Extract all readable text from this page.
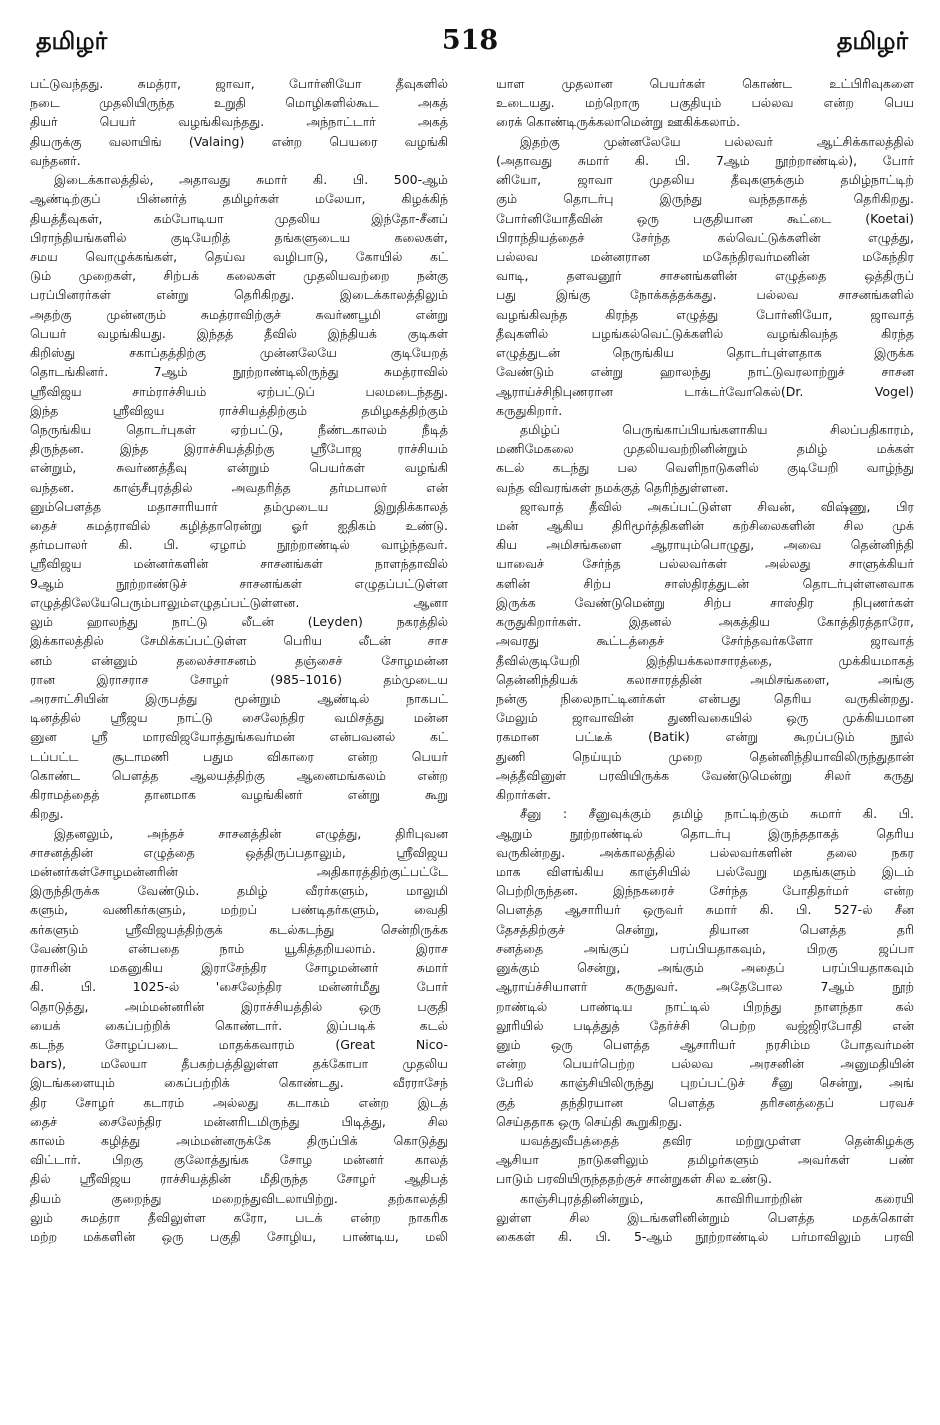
தமிழர்	518	தமிழர்
பட்டுவந்தது. சுமத்ரா, ஜாவா, போர்னியோ தீவுகளில்
நடை முதலியிருந்த உறுதி மொழிகளில்கூட அகத்
தியர் பெயர் வழங்கிவந்தது. அந்நாட்டார் அகத்
தியருக்கு வலாயிங் (Valaing) என்ற பெயரை வழங்கி
வந்தனர்.
இடைக்காலத்தில், அதாவது சுமார் கி. பி. 500-ஆம்
ஆண்டிற்குப் பின்னர்த் தமிழர்கள் மலேயா, கிழக்கிந்
தியத்தீவுகள், கம்போடியா முதலிய இந்தோ-சீனப்
பிராந்தியங்களில் குடியேறித் தங்களுடைய கலைகள்,
சமய வொழுக்கங்கள், தெய்வ வழிபாடு, கோயில் கட்
டும் முறைகள், சிற்பக் கலைகள் முதலியவற்றை நன்கு
பரப்பினரர்கள் என்று தெரிகிறது. இடைக்காலத்திலும்
அதற்கு முன்னரும் சுமத்ராவிற்குச் சுவர்ணபூமி என்று
பெயர் வழங்கியது. இந்தத் தீவில் இந்தியக் குடிகள்
கிறிஸ்து சகாப்தத்திற்கு முன்னலேயே குடியேறத்
தொடங்கினர். 7ஆம் நூற்றாண்டிலிருந்து சுமத்ராவில்
ஸ்ரீவிஜய சாம்ராச்சியம் ஏற்பட்டுப் பலமடைந்தது.
இந்த ஸ்ரீவிஜய ராச்சியத்திற்கும் தமிழகத்திற்கும்
நெருங்கிய தொடர்புகள் ஏற்பட்டு, நீண்டகாலம் நீடித்
திருந்தன. இந்த இராச்சியத்திற்கு ஸ்ரீபோஜ ராச்சியம்
என்றும், சுவர்ணத்தீவு என்றும் பெயர்கள் வழங்கி
வந்தன. காஞ்சீபுரத்தில் அவதரித்த தர்மபாலர் என்
னும்பௌத்த மதாசாரியார் தம்முடைய இறுதிக்காலத்
தைச் சுமத்ராவில் கழித்தாரென்று ஓர் ஐதிகம் உண்டு.
தர்மபாலர் கி. பி. ஏழாம் நூற்றாண்டில் வாழ்ந்தவர்.
ஸ்ரீவிஜய மன்னர்களின் சாசனங்கள் நாளந்தாவில்
9ஆம் நூற்றாண்டுச் சாசனங்கள் எழுதப்பட்டுள்ள
எழுத்திலேயேபெரும்பாலும்எழுதப்பட்டுள்ளன. ஆனா
லும் ஹாலந்து நாட்டு லீடன் (Leyden) நகரத்தில்
இக்காலத்தில் சேமிக்கப்பட்டுள்ள பெரிய லீடன் சாச
னம் என்னும் தலைச்சாசனம் தஞ்சைச் சோழமன்ன
ரான இராசராச சோழர் (985–1016) தம்முடைய
அரசாட்சியின் இருபத்து மூன்றும் ஆண்டில் நாகபட்
டினத்தில் ஸ்ரீஜய நாட்டு சைலேந்திர வமிசத்து மன்ன
னுன ஸ்ரீ மாரவிஜயோத்துங்கவர்மன் என்பவனல் கட்
டப்பட்ட சூடாமணி பதும விகாரை என்ற பெயர்
கொண்ட பௌத்த ஆலயத்திற்கு ஆனைமங்கலம் என்ற
கிராமத்தைத் தானமாக வழங்கினர் என்று கூறு
கிறது.
இதனலும், அந்தச் சாசனத்தின் எழுத்து, திரிபுவன
சாசனத்தின் எழுத்தை ஒத்திருப்பதாலும், ஸ்ரீவிஜய
மன்னர்கள்சோழமன்னரின் அதிகாரத்திற்குட்பட்டே
இருந்திருக்க வேண்டும். தமிழ் வீரர்களும், மாலுமி
களும், வணிகர்களும், மற்றப் பண்டிதர்களும், வைதி
கர்களும் ஸ்ரீவிஜயத்திற்குக் கடல்கடந்து சென்றிருக்க
வேண்டும் என்பதை நாம் யூகித்தறியலாம். இராச
ராசரின் மகனுகிய இராசேந்திர சோழமன்னர் சுமார்
கி. பி. 1025-ல் 'சைலேந்திர மன்னர்மீது போர்
தொடுத்து, அம்மன்னரின் இராச்சியத்தில் ஒரு பகுதி
யைக் கைப்பற்றிக் கொண்டார். இப்படிக் கடல்
கடந்த சோழப்படை மாதக்கவாரம் (Great Nico-
bars), மலேயா தீபகற்பத்திலுள்ள தக்கோபா முதலிய
இடங்களையும் கைப்பற்றிக் கொண்டது. வீரராசேந்
திர சோழர் கடாரம் அல்லது கடாகம் என்ற இடத்
தைச் சைலேந்திர மன்னரிடமிருந்து பிடித்து, சில
காலம் கழித்து அம்மன்னருக்கே திருப்பிக் கொடுத்து
விட்டார். பிறகு குலோத்துங்க சோழ மன்னர் காலத்
தில் ஸ்ரீவிஜய ராச்சியத்தின் மீதிருந்த சோழர் ஆதிபத்
தியம் குறைந்து மறைந்துவிடலாயிற்று. தற்காலத்தி
லும் சுமத்ரா தீவிலுள்ள கரோ, படக் என்ற நாகரிக
மற்ற மக்களின் ஒரு பகுதி சோழிய, பாண்டிய, மலி
யாள முதலான பெயர்கள் கொண்ட உட்பிரிவுகளை
உடையது. மற்றொரு பகுதியும் பல்லவ என்ற பெய
ரைக் கொண்டிருக்கலாமென்று ஊகிக்கலாம்.
இதற்கு முன்னலேயே பல்லவர் ஆட்சிக்காலத்தில்
(அதாவது சுமார் கி. பி. 7ஆம் நூற்றாண்டில்), போர்
னியோ, ஜாவா முதலிய தீவுகளுக்கும் தமிழ்நாட்டிற்
கும் தொடர்பு இருந்து வந்ததாகத் தெரிகிறது.
போர்னியோதீவின் ஒரு பகுதியான கூட்டை (Koetai)
பிராந்தியத்தைச் சேர்ந்த கல்வெட்டுக்களின் எழுத்து,
பல்லவ மன்னரான மகேந்திரவர்மனின் மகேந்திர
வாடி, தளவனூர் சாசனங்களின் எழுத்தை ஒத்திருப்
பது இங்கு நோக்கத்தக்கது. பல்லவ சாசனங்களில்
வழங்கிவந்த கிரந்த எழுத்து போர்னியோ, ஜாவாத்
தீவுகளில் பழங்கல்வெட்டுக்களில் வழங்கிவந்த கிரந்த
எழுத்துடன் நெருங்கிய தொடர்புள்ளதாக இருக்க
வேண்டும் என்று ஹாலந்து நாட்டுவரலாற்றுச் சாசன
ஆராய்ச்சிநிபுணரான டாக்டர்வோகெல்(Dr. Vogel)
கருதுகிறார்.
தமிழ்ப் பெருங்காப்பியங்களாகிய சிலப்பதிகாரம்,
மணிமேகலை முதலியவற்றினின்றும் தமிழ் மக்கள்
கடல் கடந்து பல வெளிநாடுகளில் குடியேறி வாழ்ந்து
வந்த விவரங்கள் நமக்குத் தெரிந்துள்ளன.
ஜாவாத் தீவில் அகப்பட்டுள்ள சிவன், விஷ்ணு, பிர
மன் ஆகிய திரிமூர்த்திகளின் கற்சிலைகளின் சில முக்
கிய அமிசங்களை ஆராயும்பொழுது, அவை தென்னிந்தி
யாவைச் சேர்ந்த பல்லவர்கள் அல்லது சாளுக்கியர்
களின் சிற்ப சாஸ்திரத்துடன் தொடர்புள்ளனவாக
இருக்க வேண்டுமென்று சிற்ப சாஸ்திர நிபுணர்கள்
கருதுகிறார்கள். இதனல் அகத்திய கோத்திரத்தாரோ,
அவரது கூட்டத்தைச் சேர்ந்தவர்களோ ஜாவாத்
தீவில்குடியேறி இந்தியக்கலாசாரத்தை, முக்கியமாகத்
தென்னிந்தியக் கலாசாரத்தின் அமிசங்களை, அங்கு
நன்கு நிலைநாட்டினர்கள் என்பது தெரிய வருகின்றது.
மேலும் ஜாவாவின் துணிவகையில் ஒரு முக்கியமான
ரகமான பட்டீக் (Batik) என்று கூறப்படும் நூல்
துணி நெய்யும் முறை தென்னிந்தியாவிலிருந்துதான்
அத்தீவினுள் பரவியிருக்க வேண்டுமென்று சிலர் கருது
கிறார்கள்.
சீனு : சீனுவுக்கும் தமிழ் நாட்டிற்கும் சுமார் கி. பி.
ஆறும் நூற்றாண்டில் தொடர்பு இருந்ததாகத் தெரிய
வருகின்றது. அக்காலத்தில் பல்லவர்களின் தலை நகர
மாக விளங்கிய காஞ்சியில் பல்வேறு மதங்களும் இடம்
பெற்றிருந்தன. இந்நகரைச் சேர்ந்த போதிதர்மர் என்ற
பௌத்த ஆசாரியர் ஒருவர் சுமார் கி. பி. 527-ல் சீன
தேசத்திற்குச் சென்று, தியான பௌத்த தரி
சனத்தை அங்குப் பரப்பியதாகவும், பிறகு ஜப்பா
னுக்கும் சென்று, அங்கும் அதைப் பரப்பியதாகவும்
ஆராய்ச்சியாளர் கருதுவர். அதேபோல 7ஆம் நூற்
றாண்டில் பாண்டிய நாட்டில் பிறந்து நாளந்தா கல்
லூரியில் படித்துத் தேர்ச்சி பெற்ற வஜ்ஜிரபோதி என்
னும் ஒரு பௌத்த ஆசாரியர் நரசிம்ம போதவர்மன்
என்ற பெயர்பெற்ற பல்லவ அரசனின் அனுமதியின்
பேரில் காஞ்சியிலிருந்து புறப்பட்டுச் சீனு சென்று, அங்
குத் தந்திரயான பௌத்த தரிசனத்தைப் பரவச்
செய்ததாக ஒரு செய்தி கூறுகிறது.
யவத்துவீபத்தைத் தவிர மற்றுமுள்ள தென்கிழக்கு
ஆசியா நாடுகளிலும் தமிழர்களும் அவர்கள் பண்
பாடும் பரவியிருந்ததற்குச் சான்றுகள் சில உண்டு.
காஞ்சிபுரத்தினின்றும், காவிரியாற்றின் கரையி
லுள்ள சில இடங்களினின்றும் பௌத்த மதக்கொள்
கைகள் கி. பி. 5-ஆம் நூற்றாண்டில் பர்மாவிலும் பரவி
